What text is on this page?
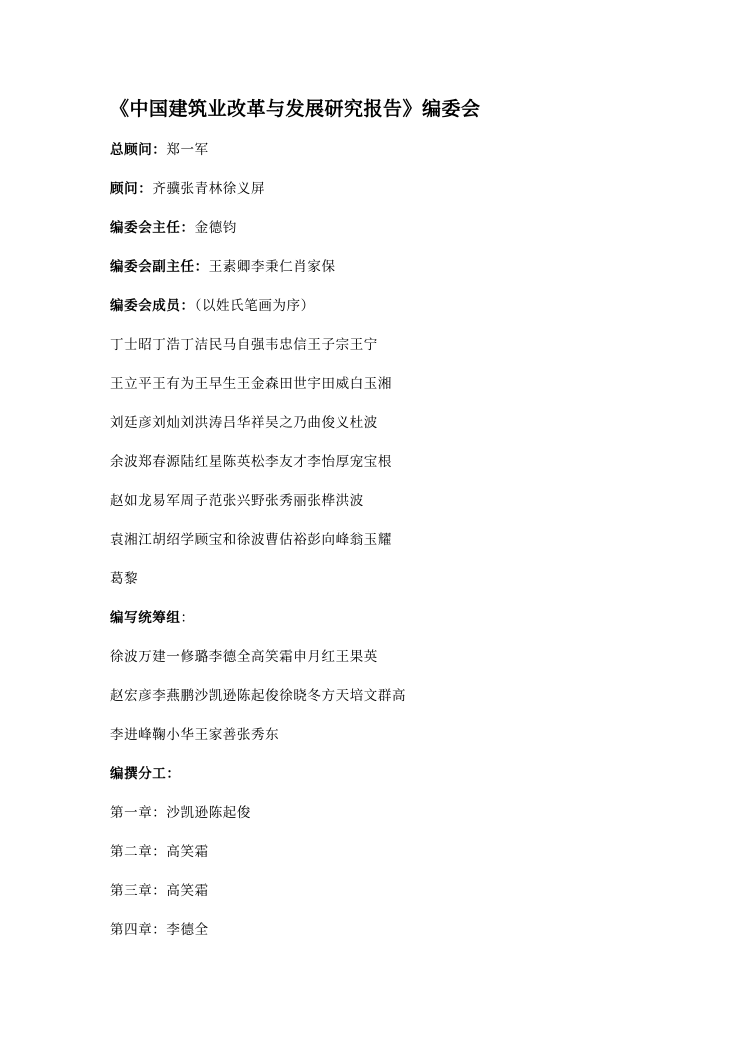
《中国建筑业改革与发展研究报告》编委会
总顾问：郑一军
顾问：齐骥张青林徐义屏
编委会主任：金德钧
编委会副主任：王素卿李秉仁肖家保
编委会成员：（以姓氏笔画为序）
丁士昭丁浩丁洁民马自强韦忠信王子宗王宁
王立平王有为王早生王金森田世宇田威白玉湘
刘廷彦刘灿刘洪涛吕华祥吴之乃曲俊义杜波
余波郑春源陆红星陈英松李友才李怡厚宠宝根
赵如龙易军周子范张兴野张秀丽张桦洪波
袁湘江胡绍学顾宝和徐波曹估裕彭向峰翁玉耀
葛黎
编写统筹组：
徐波万建一修璐李德全高笑霜申月红王果英
赵宏彦李燕鹏沙凯逊陈起俊徐晓冬方天培文群高
李进峰鞠小华王家善张秀东
编撰分工：
第一章：沙凯逊陈起俊
第二章：高笑霜
第三章：高笑霜
第四章：李德全
